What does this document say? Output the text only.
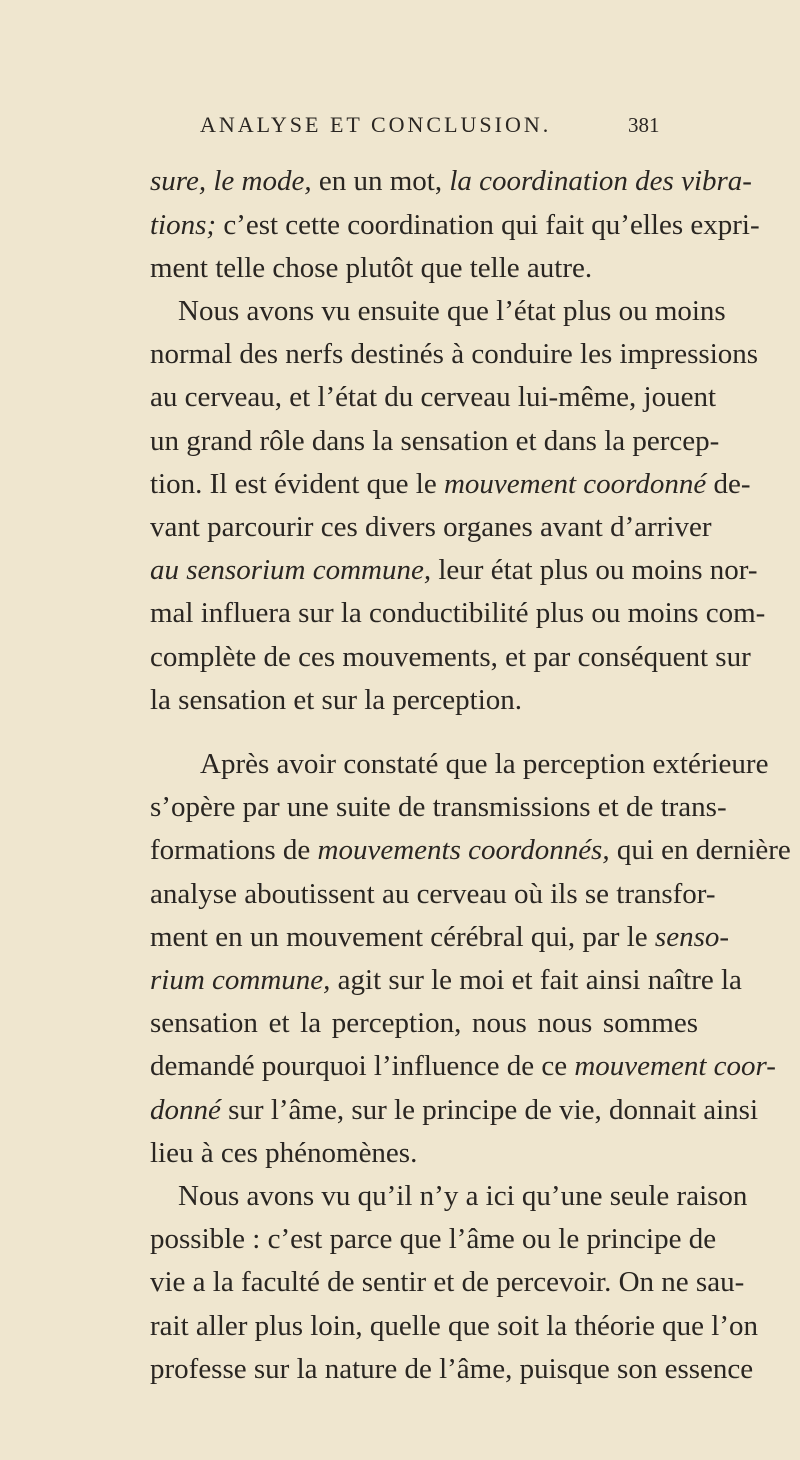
ANALYSE ET CONCLUSION.	381
sure, le mode, en un mot, la coordination des vibra-
tions; c’est cette coordination qui fait qu’elles expri-
ment telle chose plutôt que telle autre.
Nous avons vu ensuite que l’état plus ou moins
normal des nerfs destinés à conduire les impressions
au cerveau, et l’état du cerveau lui-même, jouent
un grand rôle dans la sensation et dans la percep-
tion. Il est évident que le mouvement coordonné de-
vant parcourir ces divers organes avant d’arriver
au sensorium commune, leur état plus ou moins nor-
mal influera sur la conductibilité plus ou moins com-
complète de ces mouvements, et par conséquent sur
la sensation et sur la perception.
Après avoir constaté que la perception extérieure
s’opère par une suite de transmissions et de trans-
formations de mouvements coordonnés, qui en dernière
analyse aboutissent au cerveau où ils se transfor-
ment en un mouvement cérébral qui, par le senso-
rium commune, agit sur le moi et fait ainsi naître la
sensation et la perception, nous nous sommes
demandé pourquoi l’influence de ce mouvement coor-
donné sur l’âme, sur le principe de vie, donnait ainsi
lieu à ces phénomènes.
Nous avons vu qu’il n’y a ici qu’une seule raison
possible : c’est parce que l’âme ou le principe de
vie a la faculté de sentir et de percevoir. On ne sau-
rait aller plus loin, quelle que soit la théorie que l’on
professe sur la nature de l’âme, puisque son essence
